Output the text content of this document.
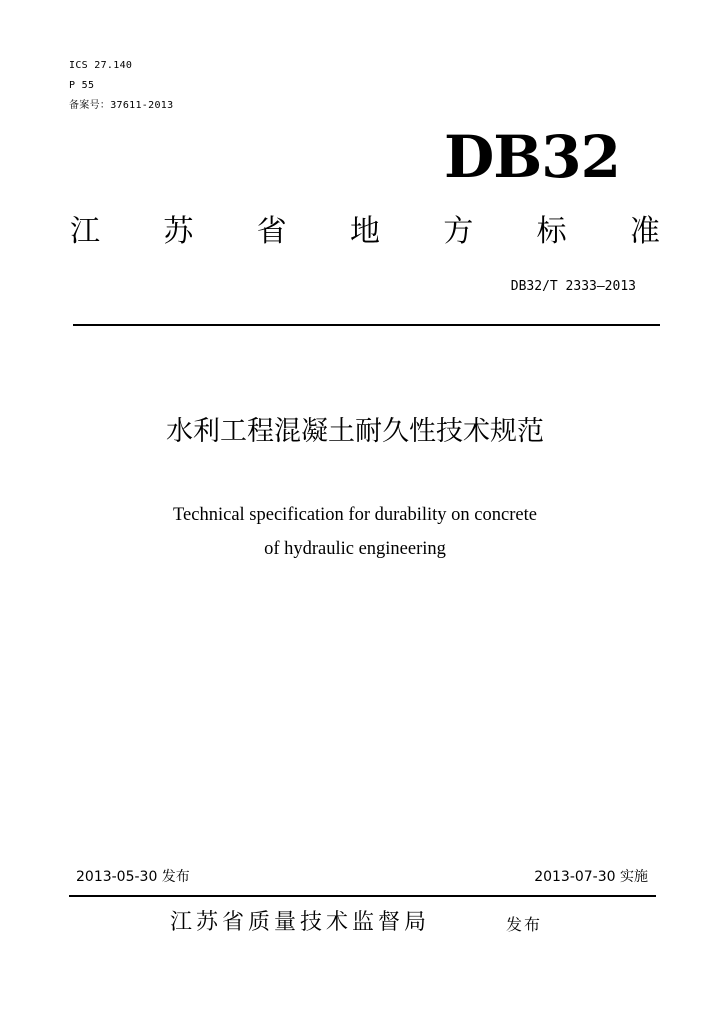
ICS 27.140
P 55
备案号：37611-2013
DB32
江 苏 省 地 方 标 准
DB32/T 2333—2013
水利工程混凝土耐久性技术规范
Technical specification for durability on concrete
of hydraulic engineering
2013-05-30 发布	2013-07-30 实施
江苏省质量技术监督局	发布
